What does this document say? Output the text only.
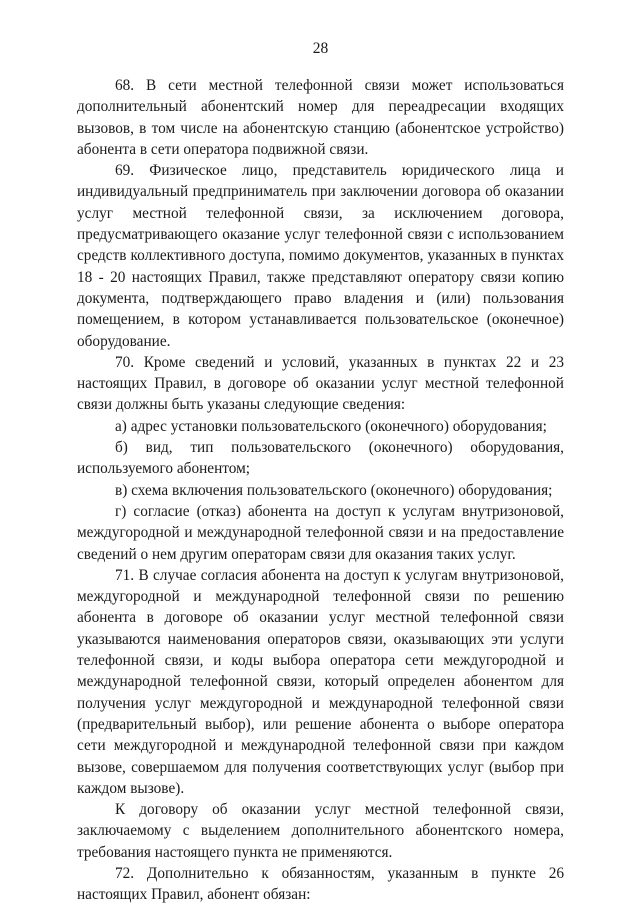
28

68. В сети местной телефонной связи может использоваться дополнительный абонентский номер для переадресации входящих вызовов, в том числе на абонентскую станцию (абонентское устройство) абонента в сети оператора подвижной связи.

69. Физическое лицо, представитель юридического лица и индивидуальный предприниматель при заключении договора об оказании услуг местной телефонной связи, за исключением договора, предусматривающего оказание услуг телефонной связи с использованием средств коллективного доступа, помимо документов, указанных в пунктах 18 - 20 настоящих Правил, также представляют оператору связи копию документа, подтверждающего право владения и (или) пользования помещением, в котором устанавливается пользовательское (оконечное) оборудование.

70. Кроме сведений и условий, указанных в пунктах 22 и 23 настоящих Правил, в договоре об оказании услуг местной телефонной связи должны быть указаны следующие сведения:

а) адрес установки пользовательского (оконечного) оборудования;

б) вид, тип пользовательского (оконечного) оборудования, используемого абонентом;

в) схема включения пользовательского (оконечного) оборудования;

г) согласие (отказ) абонента на доступ к услугам внутризоновой, междугородной и международной телефонной связи и на предоставление сведений о нем другим операторам связи для оказания таких услуг.

71. В случае согласия абонента на доступ к услугам внутризоновой, междугородной и международной телефонной связи по решению абонента в договоре об оказании услуг местной телефонной связи указываются наименования операторов связи, оказывающих эти услуги телефонной связи, и коды выбора оператора сети междугородной и международной телефонной связи, который определен абонентом для получения услуг междугородной и международной телефонной связи (предварительный выбор), или решение абонента о выборе оператора сети междугородной и международной телефонной связи при каждом вызове, совершаемом для получения соответствующих услуг (выбор при каждом вызове).

К договору об оказании услуг местной телефонной связи, заключаемому с выделением дополнительного абонентского номера, требования настоящего пункта не применяются.

72. Дополнительно к обязанностям, указанным в пункте 26 настоящих Правил, абонент обязан:
